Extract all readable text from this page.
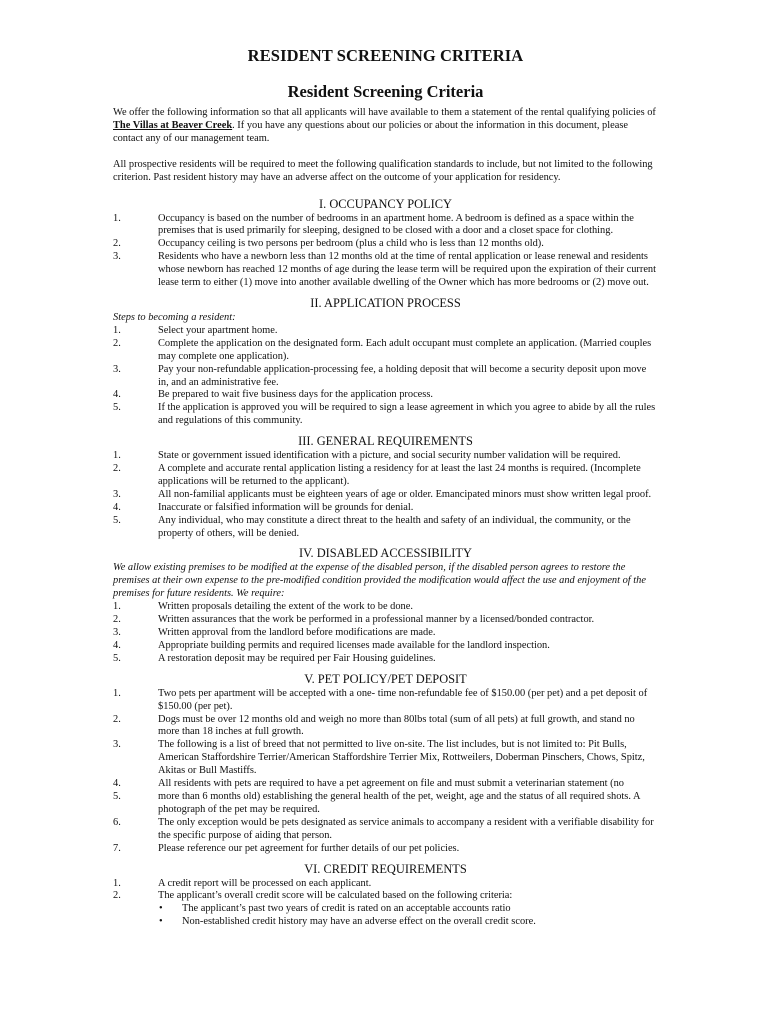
RESIDENT SCREENING CRITERIA
Resident Screening Criteria

We offer the following information so that all applicants will have available to them a statement of the rental qualifying policies of The Villas at Beaver Creek. If you have any questions about our policies or about the information in this document, please contact any of our management team.

All prospective residents will be required to meet the following qualification standards to include, but not limited to the following criterion. Past resident history may have an adverse affect on the outcome of your application for residency.

I. OCCUPANCY POLICY
1.	Occupancy is based on the number of bedrooms in an apartment home. A bedroom is defined as a space within the premises that is used primarily for sleeping, designed to be closed with a door and a closet space for clothing.
2.	Occupancy ceiling is two persons per bedroom (plus a child who is less than 12 months old).
3.	Residents who have a newborn less than 12 months old at the time of rental application or lease renewal and residents whose newborn has reached 12 months of age during the lease term will be required upon the expiration of their current lease term to either (1) move into another available dwelling of the Owner which has more bedrooms or (2) move out.
II. APPLICATION PROCESS
Steps to becoming a resident:
1.	Select your apartment home.
2.	Complete the application on the designated form. Each adult occupant must complete an application. (Married couples may complete one application).
3.	Pay your non-refundable application-processing fee, a holding deposit that will become a security deposit upon move in, and an administrative fee.
4.	Be prepared to wait five business days for the application process.
5.	If the application is approved you will be required to sign a lease agreement in which you agree to abide by all the rules and regulations of this community.
III. GENERAL REQUIREMENTS
1.	State or government issued identification with a picture, and social security number validation will be required.
2.	A complete and accurate rental application listing a residency for at least the last 24 months is required. (Incomplete applications will be returned to the applicant).
3.	All non-familial applicants must be eighteen years of age or older. Emancipated minors must show written legal proof.
4.	Inaccurate or falsified information will be grounds for denial.
5.	Any individual, who may constitute a direct threat to the health and safety of an individual, the community, or the property of others, will be denied.
IV. DISABLED ACCESSIBILITY
We allow existing premises to be modified at the expense of the disabled person, if the disabled person agrees to restore the premises at their own expense to the pre-modified condition provided the modification would affect the use and enjoyment of the premises for future residents. We require:
1.	Written proposals detailing the extent of the work to be done.
2.	Written assurances that the work be performed in a professional manner by a licensed/bonded contractor.
3.	Written approval from the landlord before modifications are made.
4.	Appropriate building permits and required licenses made available for the landlord inspection.
5.	A restoration deposit may be required per Fair Housing guidelines.
V. PET POLICY/PET DEPOSIT
1.	Two pets per apartment will be accepted with a one- time non-refundable fee of $150.00 (per pet) and a pet deposit of $150.00 (per pet).
2.	Dogs must be over 12 months old and weigh no more than 80lbs total (sum of all pets) at full growth, and stand no more than 18 inches at full growth.
3.	The following is a list of breed that not permitted to live on-site. The list includes, but is not limited to: Pit Bulls, American Staffordshire Terrier/American Staffordshire Terrier Mix, Rottweilers, Doberman Pinschers, Chows, Spitz, Akitas or Bull Mastiffs.
4.	All residents with pets are required to have a pet agreement on file and must submit a veterinarian statement (no
5.	more than 6 months old) establishing the general health of the pet, weight, age and the status of all required shots. A photograph of the pet may be required.
6.	The only exception would be pets designated as service animals to accompany a resident with a verifiable disability for the specific purpose of aiding that person.
7.	Please reference our pet agreement for further details of our pet policies.
VI. CREDIT REQUIREMENTS
1.	A credit report will be processed on each applicant.
2.	The applicant’s overall credit score will be calculated based on the following criteria:
•	The applicant’s past two years of credit is rated on an acceptable accounts ratio
•	Non-established credit history may have an adverse effect on the overall credit score.
